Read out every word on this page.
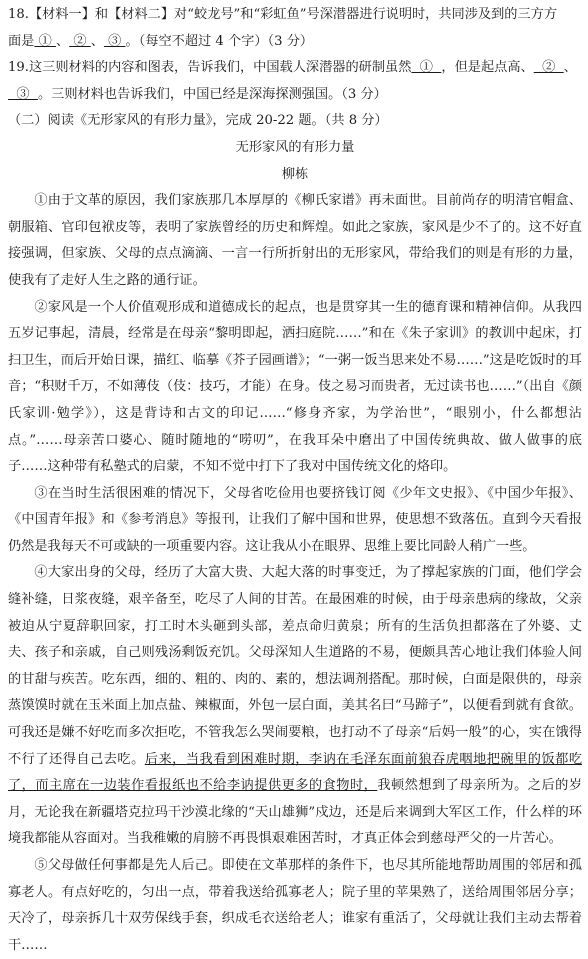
18.【材料一】和【材料二】对“蛟龙号”和“彩虹鱼”号深潜器进行说明时，共同涉及到的三方方
面是 ① 、 ② 、 ③ 。（每空不超过 4 个字）（3 分）
19.这三则材料的内容和图表，告诉我们，中国载人深潜器的研制虽然  ①  ，但是起点高、  ②  、
③  。三则材料也告诉我们，中国已经是深海探测强国。（3 分）
（二）阅读《无形家风的有形力量》，完成 20-22 题。（共 8 分）
无形家风的有形力量
柳栋

①由于文革的原因，我们家族那几本厚厚的《柳氏家谱》再未面世。目前尚存的明清官帽盒、朝服箱、官印包袱皮等，表明了家族曾经的历史和辉煌。如此之家族，家风是少不了的。这不好直接强调，但家族、父母的点点滴滴、一言一行所折射出的无形家风，带给我们的则是有形的力量，使我有了走好人生之路的通行证。

②家风是一个人价值观形成和道德成长的起点，也是贯穿其一生的德育课和精神信仰。从我四五岁记事起，清晨，经常是在母亲“黎明即起，洒扫庭院……”和在《朱子家训》的教训中起床，打扫卫生，而后开始日课，描红、临摹《芥子园画谱》；“一粥一饭当思来处不易……”这是吃饭时的耳音；“积财千万，不如薄伎（伎：技巧，才能）在身。伎之易习而贵者，无过读书也……”（出自《颜氏家训·勉学》），这是背诗和古文的印记……“修身齐家，为学治世”，“眼别小，什么都想沾点。”……母亲苦口婆心、随时随地的“唠叨”，在我耳朵中磨出了中国传统典故、做人做事的底子……这种带有私塾式的启蒙，不知不觉中打下了我对中国传统文化的烙印。

③在当时生活很困难的情况下，父母省吃俭用也要挤钱订阅《少年文史报》、《中国少年报》、《中国青年报》和《参考消息》等报刊，让我们了解中国和世界，使思想不致落伍。直到今天看报仍然是我每天不可或缺的一项重要内容。这让我从小在眼界、思维上要比同龄人稍广一些。

④大家出身的父母，经历了大富大贵、大起大落的时事变迁，为了撑起家族的门面，他们学会缝补缝，日浆夜缝，艰辛备至，吃尽了人间的甘苦。在最困难的时候，由于母亲患病的缘故，父亲被迫从宁夏辞职回家，打工时木头砸到头部，差点命归黄泉；所有的生活负担都落在了外婆、丈夫、孩子和亲戚，自己则残汤剩饭充饥。父母深知人生道路的不易，便颇具苦心地让我们体验人间的甘甜与疾苦。吃东西，细的、粗的、肉的、素的，想法调剂搭配。那时候，白面是限供的，母亲蒸馍馍时就在玉米面上加点盐、辣椒面，外包一层白面，美其名曰“马蹄子”，以便看到就有食欲。可我还是嫌不好吃而多次拒吃，不管我怎么哭闹要粮，也打动不了母亲“后妈一般”的心，实在饿得不行了还得自己去吃。后来，当我看到困难时期，李讷在毛泽东面前狼吞虎咽地把碗里的饭都吃了，而主席在一边装作看报纸也不给李讷提供更多的食物时，我顿然想到了母亲所为。之后的岁月，无论我在新疆塔克拉玛干沙漠北缘的“天山雄狮”戍边，还是后来调到大军区工作，什么样的环境我都能从容面对。当我稚嫩的肩膀不再畏惧艰难困苦时，才真正体会到慈母严父的一片苦心。

⑤父母做任何事都是先人后己。即使在文革那样的条件下，也尽其所能地帮助周围的邻居和孤寡老人。有点好吃的，匀出一点，带着我送给孤寡老人；院子里的苹果熟了，送给周围邻居分享；天冷了，母亲拆几十双劳保线手套，织成毛衣送给老人；谁家有重活了，父母就让我们主动去帮着干……
